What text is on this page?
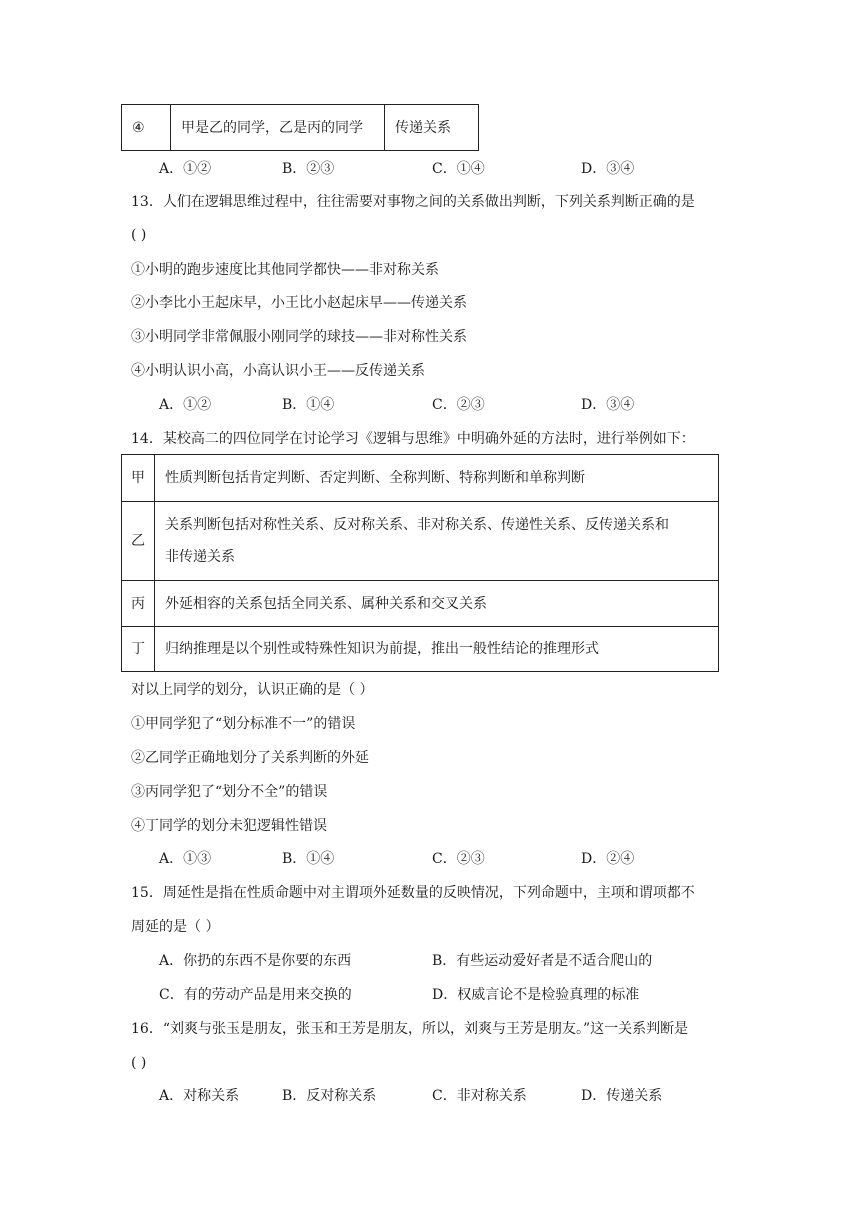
④	甲是乙的同学，乙是丙的同学	传递关系
A．①②	B．②③	C．①④	D．③④
13．人们在逻辑思维过程中，往往需要对事物之间的关系做出判断，下列关系判断正确的是
( )
①小明的跑步速度比其他同学都快——非对称关系
②小李比小王起床早，小王比小赵起床早——传递关系
③小明同学非常佩服小刚同学的球技——非对称性关系
④小明认识小高，小高认识小王——反传递关系
A．①②	B．①④	C．②③	D．③④
14．某校高二的四位同学在讨论学习《逻辑与思维》中明确外延的方法时，进行举例如下：
甲	性质判断包括肯定判断、否定判断、全称判断、特称判断和单称判断
乙	关系判断包括对称性关系、反对称关系、非对称关系、传递性关系、反传递关系和
非传递关系

丙	外延相容的关系包括全同关系、属种关系和交叉关系
丁	归纳推理是以个别性或特殊性知识为前提，推出一般性结论的推理形式
对以上同学的划分，认识正确的是（ ）
①甲同学犯了“划分标准不一”的错误
②乙同学正确地划分了关系判断的外延
③丙同学犯了“划分不全”的错误
④丁同学的划分未犯逻辑性错误
A．①③	B．①④	C．②③	D．②④
15．周延性是指在性质命题中对主谓项外延数量的反映情况，下列命题中，主项和谓项都不
周延的是（ ）
A．你扔的东西不是你要的东西	B．有些运动爱好者是不适合爬山的
C．有的劳动产品是用来交换的	D．权威言论不是检验真理的标准
16．“刘爽与张玉是朋友，张玉和王芳是朋友，所以，刘爽与王芳是朋友。”这一关系判断是
( )
A．对称关系	B．反对称关系	C．非对称关系	D．传递关系
